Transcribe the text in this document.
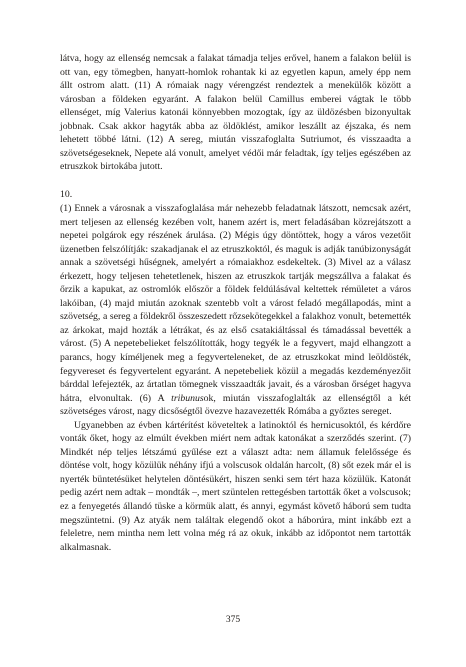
látva, hogy az ellenség nemcsak a falakat támadja teljes erővel, hanem a falakon belül is ott van, egy tömegben, hanyatt-homlok rohantak ki az egyetlen kapun, amely épp nem állt ostrom alatt. (11) A rómaiak nagy vérengzést rendeztek a menekülők között a városban a földeken egyaránt. A falakon belül Camillus emberei vágtak le több ellenséget, míg Valerius katonái könnyebben mozogtak, így az üldözésben bizonyultak jobbnak. Csak akkor hagyták abba az öldöklést, amikor leszállt az éjszaka, és nem lehetett többé látni. (12) A sereg, miután visszafoglalta Sutriumot, és visszaadta a szövetségeseknek, Nepete alá vonult, amelyet védői már feladtak, így teljes egészében az etruszkok birtokába jutott.

10.

(1) Ennek a városnak a visszafoglalása már nehezebb feladatnak látszott, nemcsak azért, mert teljesen az ellenség kezében volt, hanem azért is, mert feladásában közrejátszott a nepetei polgárok egy részének árulása. (2) Mégis úgy döntöttek, hogy a város vezetőit üzenetben felszólítják: szakadjanak el az etruszkoktól, és maguk is adják tanúbizonyságát annak a szövetségi hűségnek, amelyért a rómaiakhoz esdekeltek. (3) Mivel az a válasz érkezett, hogy teljesen tehetetlenek, hiszen az etruszkok tartják megszállva a falakat és őrzik a kapukat, az ostromlók először a földek feldúlásával keltettek rémületet a város lakóiban, (4) majd miután azoknak szentebb volt a várost feladó megállapodás, mint a szövetség, a sereg a földekről összeszedett rőzsekötegekkel a falakhoz vonult, betemették az árkokat, majd hozták a létrákat, és az első csatakiáltással és támadással bevették a várost. (5) A nepetebelieket felszólították, hogy tegyék le a fegyvert, majd elhangzott a parancs, hogy kíméljenek meg a fegyverteleneket, de az etruszkokat mind leöldösték, fegyvereset és fegyvertelent egyaránt. A nepetebeliek közül a megadás kezdeményezőit bárddal lefejezték, az ártatlan tömegnek visszaadták javait, és a városban őrséget hagyva hátra, elvonultak. (6) A tribunusok, miután visszafoglalták az ellenségtől a két szövetséges várost, nagy dicsőségtől övezve hazavezették Rómába a győztes sereget.

Ugyanebben az évben kártérítést követeltek a latinoktól és hernicusoktól, és kérdőre vonták őket, hogy az elmúlt években miért nem adtak katonákat a szerződés szerint. (7) Mindkét nép teljes létszámú gyűlése ezt a választ adta: nem államuk felelőssége és döntése volt, hogy közülük néhány ifjú a volscusok oldalán harcolt, (8) sőt ezek már el is nyerték büntetésüket helytelen döntésükért, hiszen senki sem tért haza közülük. Katonát pedig azért nem adtak – mondták –, mert szüntelen rettegésben tartották őket a volscusok; ez a fenyegetés állandó tüske a körmük alatt, és annyi, egymást követő háború sem tudta megszüntetni. (9) Az atyák nem találtak elegendő okot a háborúra, mint inkább ezt a feleletre, nem mintha nem lett volna még rá az okuk, inkább az időpontot nem tartották alkalmasnak.

375
